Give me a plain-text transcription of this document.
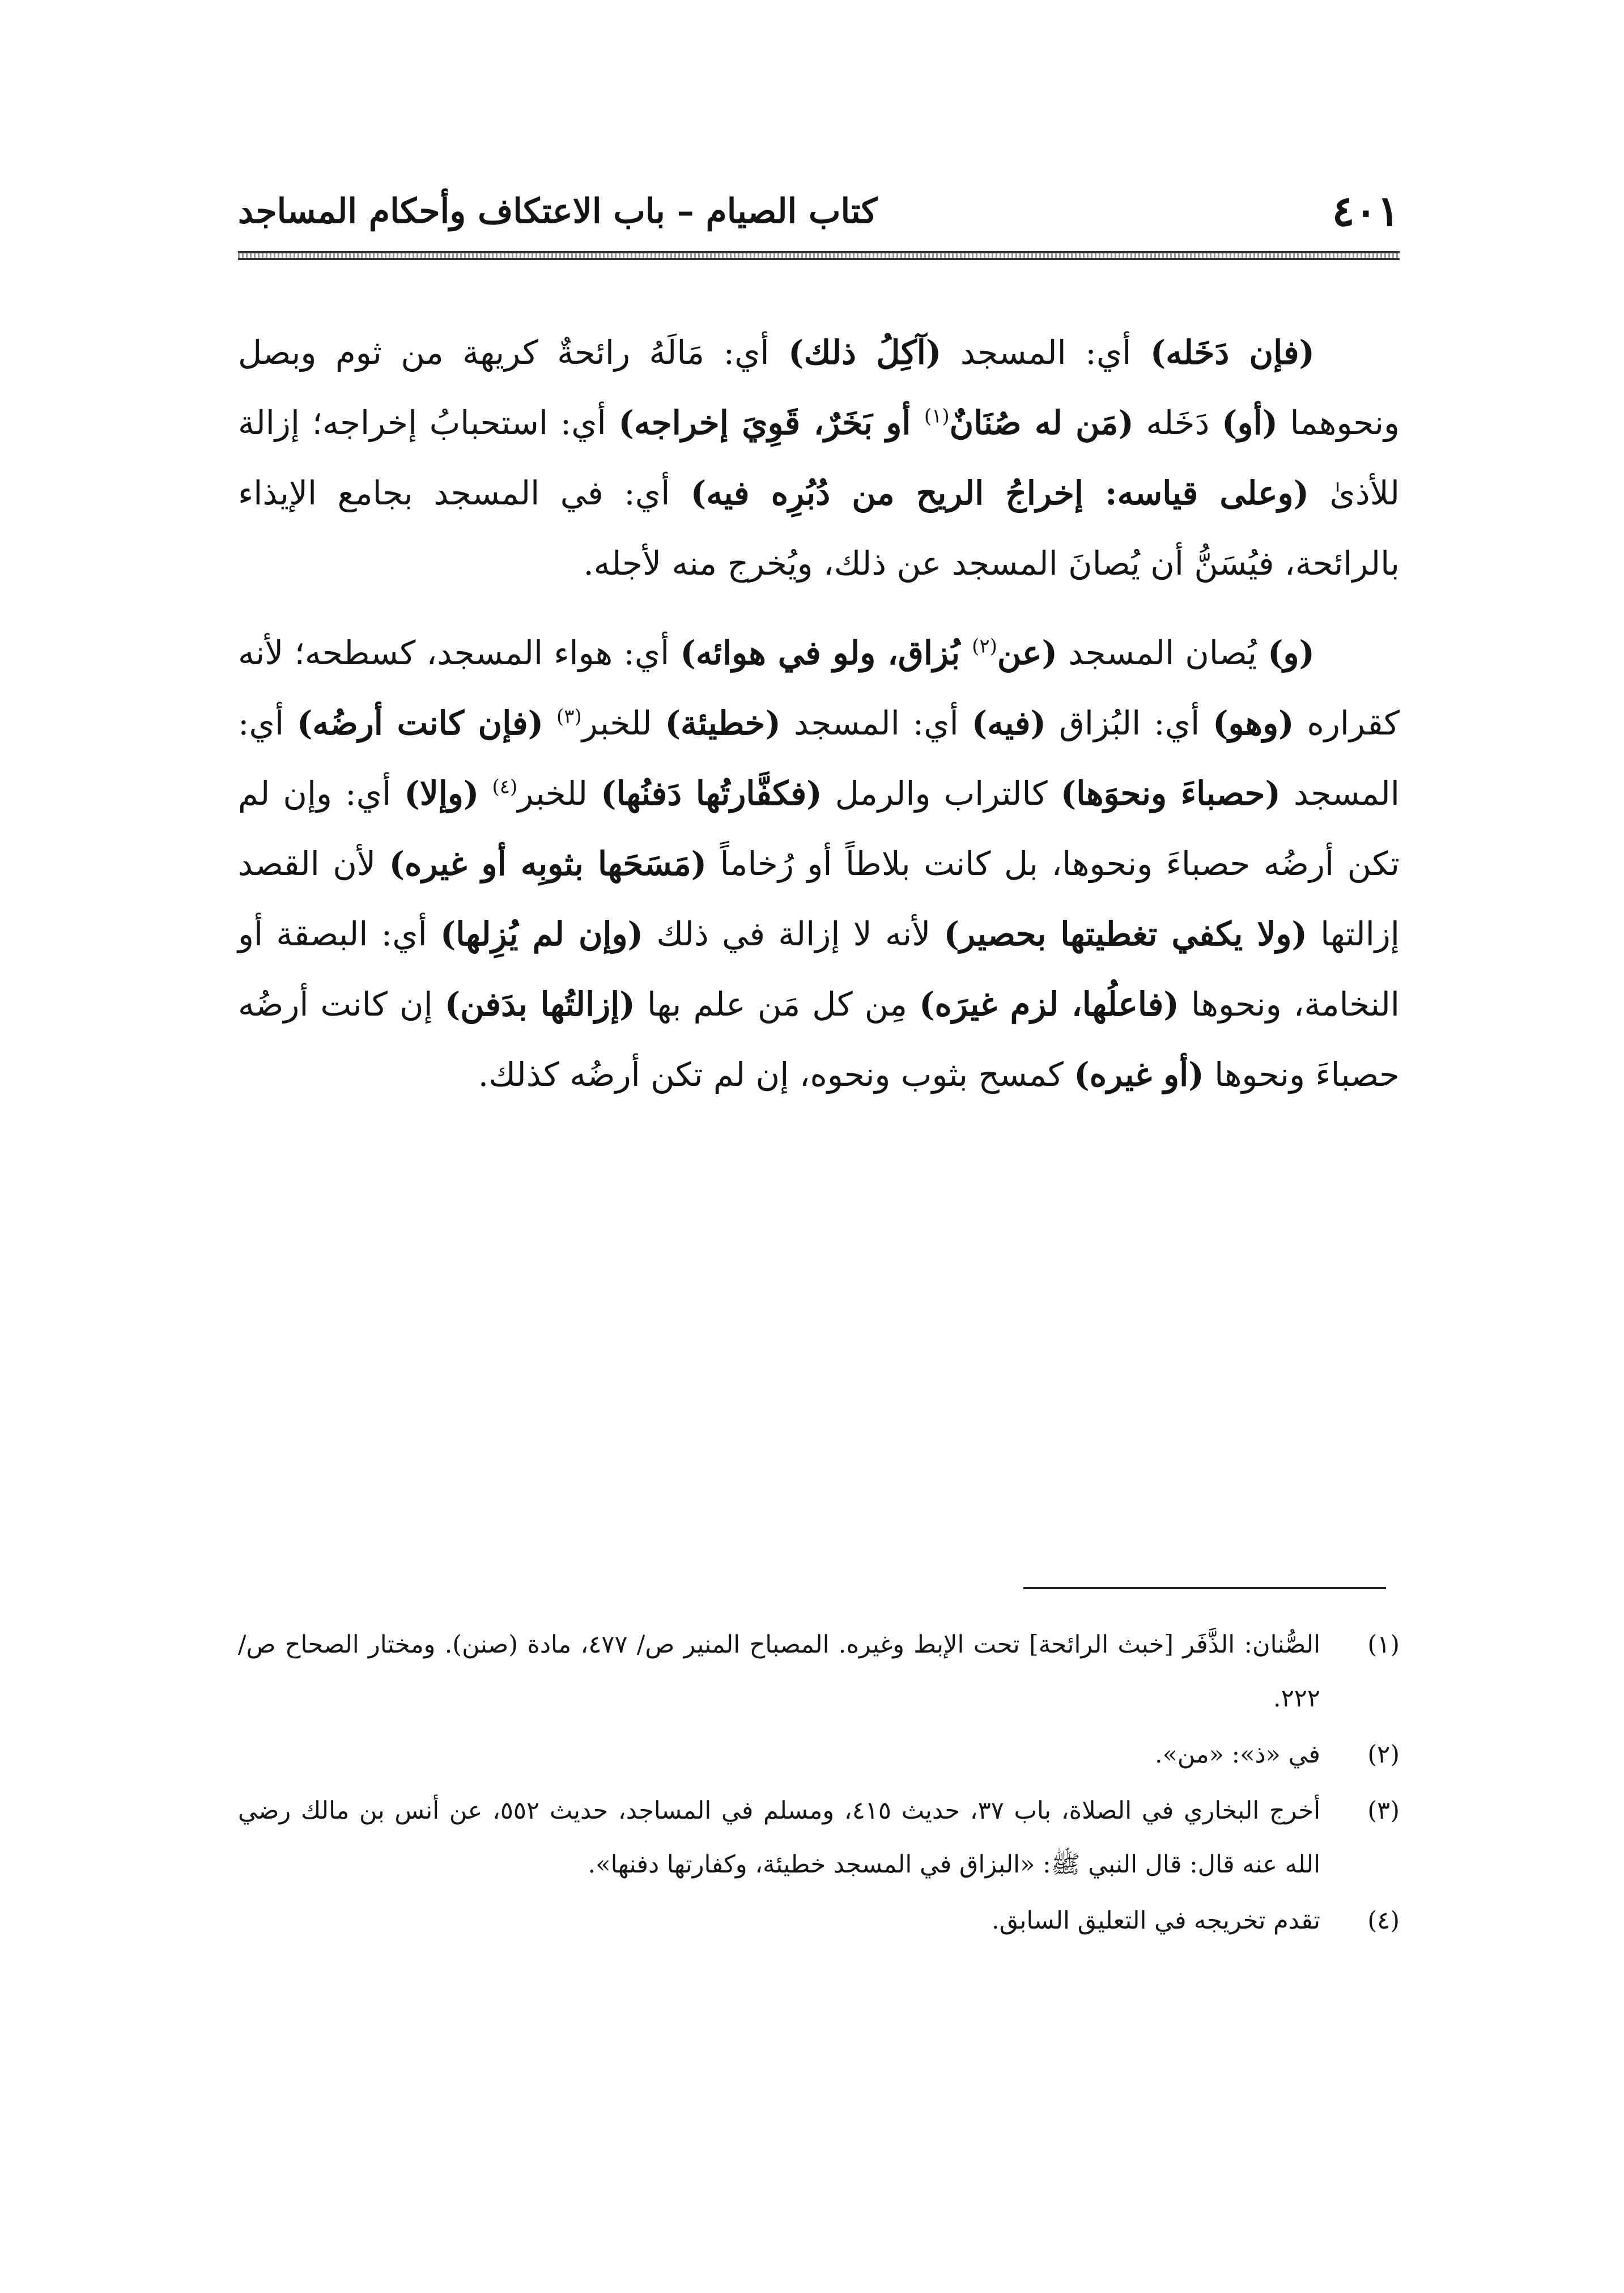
٤٠١
كتاب الصيام – باب الاعتكاف وأحكام المساجد

(فإن دَخَله) أي: المسجد (آكِلُ ذلك) أي: مَالَهُ رائحةٌ كريهة من ثوم وبصل ونحوهما (أو) دَخَله (مَن له صُنَانٌ$^{(١)}$ أو بَخَرٌ، قَوِيَ إخراجه) أي: استحبابُ إخراجه؛ إزالة للأذىٰ (وعلى قياسه: إخراجُ الريح من دُبُرِه فيه) أي: في المسجد بجامع الإيذاء بالرائحة، فيُسَنُّ أن يُصانَ المسجد عن ذلك، ويُخرج منه لأجله.

(و) يُصان المسجد (عن$^{(٢)}$ بُزاق، ولو في هوائه) أي: هواء المسجد، كسطحه؛ لأنه كقراره (وهو) أي: البُزاق (فيه) أي: المسجد (خطيئة) للخبر$^{(٣)}$ (فإن كانت أرضُه) أي: المسجد (حصباءَ ونحوَها) كالتراب والرمل (فكفَّارتُها دَفنُها) للخبر$^{(٤)}$ (وإلا) أي: وإن لم تكن أرضُه حصباءَ ونحوها، بل كانت بلاطاً أو رُخاماً (مَسَحَها بثوبِه أو غيره) لأن القصد إزالتها (ولا يكفي تغطيتها بحصير) لأنه لا إزالة في ذلك (وإن لم يُزِلها) أي: البصقة أو النخامة، ونحوها (فاعلُها، لزم غيرَه) مِن كل مَن علم بها (إزالتُها بدَفن) إن كانت أرضُه حصباءَ ونحوها (أو غيره) كمسح بثوب ونحوه، إن لم تكن أرضُه كذلك.

(١)
الصُّنان: الذَّفَر [خبث الرائحة] تحت الإبط وغيره. المصباح المنير ص/ ٤٧٧، مادة (صنن). ومختار الصحاح ص/ ٢٢٢.
(٢)
في «ذ»: «من».
(٣)
أخرج البخاري في الصلاة، باب ٣٧، حديث ٤١٥، ومسلم في المساجد، حديث ٥٥٢، عن أنس بن مالك رضي الله عنه قال: قال النبي ﷺ: «البزاق في المسجد خطيئة، وكفارتها دفنها».
(٤)
تقدم تخريجه في التعليق السابق.
